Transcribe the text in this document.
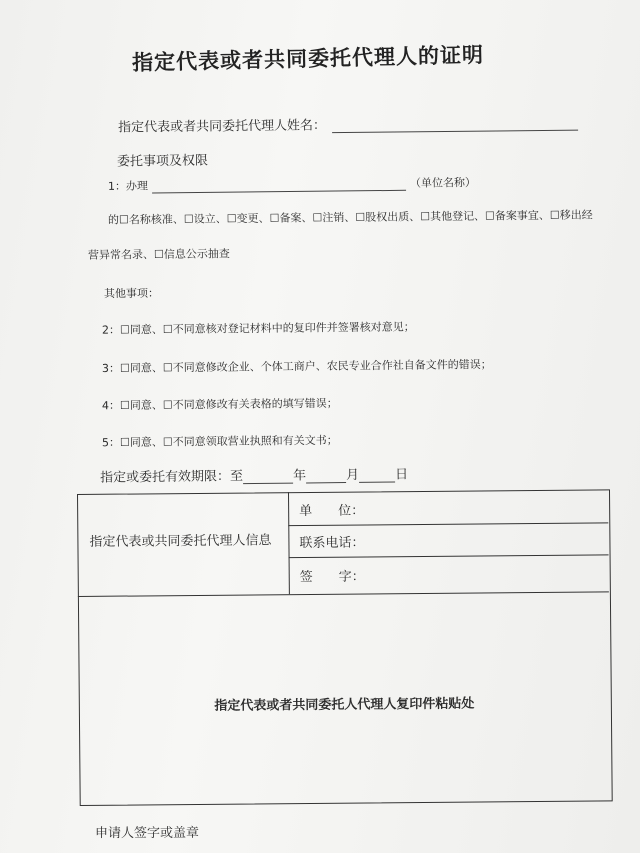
指定代表或者共同委托代理人的证明
指定代表或者共同委托代理人姓名：
委托事项及权限
1：办理	（单位名称）
的☐名称核准、☐设立、☐变更、☐备案、☐注销、☐股权出质、☐其他登记、☐备案事宜、☐移出经
营异常名录、☐信息公示抽查
其他事项：
2：☐同意、☐不同意核对登记材料中的复印件并签署核对意见；
3：☐同意、☐不同意修改企业、个体工商户、农民专业合作社自备文件的错误；
4：☐同意、☐不同意修改有关表格的填写错误；
5：☐同意、☐不同意领取营业执照和有关文书；
指定或委托有效期限：至	年	月	日
指定代表或共同委托代理人信息
单　　位：
联系电话：
签　　字：
指定代表或者共同委托人代理人复印件粘贴处
申请人签字或盖章
